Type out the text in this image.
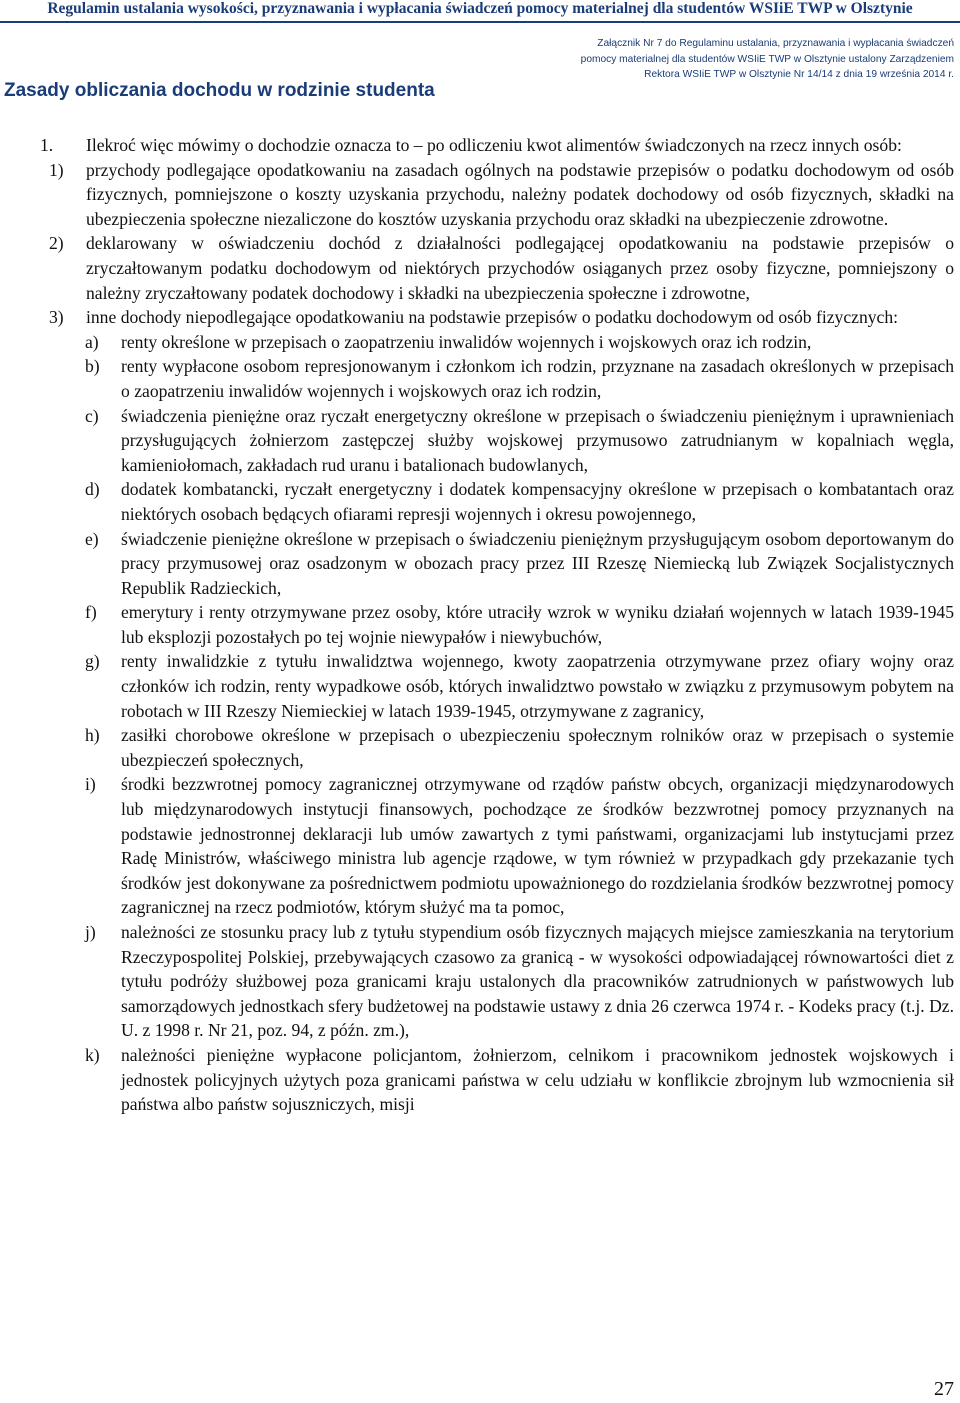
Regulamin ustalania wysokości, przyznawania i wypłacania świadczeń pomocy materialnej dla studentów WSIiE TWP w Olsztynie
Załącznik Nr 7 do Regulaminu ustalania, przyznawania i wypłacania świadczeń
pomocy materialnej dla studentów WSIiE TWP w Olsztynie ustalony Zarządzeniem
Rektora WSIiE TWP w Olsztynie Nr 14/14 z dnia 19 września 2014 r.
Zasady obliczania dochodu w rodzinie studenta
1. Ilekroć więc mówimy o dochodzie oznacza to – po odliczeniu kwot alimentów świadczonych na rzecz innych osób:
1) przychody podlegające opodatkowaniu na zasadach ogólnych na podstawie przepisów o podatku dochodowym od osób fizycznych, pomniejszone o koszty uzyskania przychodu, należny podatek dochodowy od osób fizycznych, składki na ubezpieczenia społeczne niezaliczone do kosztów uzyskania przychodu oraz składki na ubezpieczenie zdrowotne.
2) deklarowany w oświadczeniu dochód z działalności podlegającej opodatkowaniu na podstawie przepisów o zryczałtowanym podatku dochodowym od niektórych przychodów osiąganych przez osoby fizyczne, pomniejszony o należny zryczałtowany podatek dochodowy i składki na ubezpieczenia społeczne i zdrowotne,
3) inne dochody niepodlegające opodatkowaniu na podstawie przepisów o podatku dochodowym od osób fizycznych:
a) renty określone w przepisach o zaopatrzeniu inwalidów wojennych i wojskowych oraz ich rodzin,
b) renty wypłacone osobom represjonowanym i członkom ich rodzin, przyznane na zasadach określonych w przepisach o zaopatrzeniu inwalidów wojennych i wojskowych oraz ich rodzin,
c) świadczenia pieniężne oraz ryczałt energetyczny określone w przepisach o świadczeniu pieniężnym i uprawnieniach przysługujących żołnierzom zastępczej służby wojskowej przymusowo zatrudnianym w kopalniach węgla, kamieniołomach, zakładach rud uranu i batalionach budowlanych,
d) dodatek kombatancki, ryczałt energetyczny i dodatek kompensacyjny określone w przepisach o kombatantach oraz niektórych osobach będących ofiarami represji wojennych i okresu powojennego,
e) świadczenie pieniężne określone w przepisach o świadczeniu pieniężnym przysługującym osobom deportowanym do pracy przymusowej oraz osadzonym w obozach pracy przez III Rzeszę Niemiecką lub Związek Socjalistycznych Republik Radzieckich,
f) emerytury i renty otrzymywane przez osoby, które utraciły wzrok w wyniku działań wojennych w latach 1939-1945 lub eksplozji pozostałych po tej wojnie niewypałów i niewybuchów,
g) renty inwalidzkie z tytułu inwalidztwa wojennego, kwoty zaopatrzenia otrzymywane przez ofiary wojny oraz członków ich rodzin, renty wypadkowe osób, których inwalidztwo powstało w związku z przymusowym pobytem na robotach w III Rzeszy Niemieckiej w latach 1939-1945, otrzymywane z zagranicy,
h) zasiłki chorobowe określone w przepisach o ubezpieczeniu społecznym rolników oraz w przepisach o systemie ubezpieczeń społecznych,
i) środki bezzwrotnej pomocy zagranicznej otrzymywane od rządów państw obcych, organizacji międzynarodowych lub międzynarodowych instytucji finansowych, pochodzące ze środków bezzwrotnej pomocy przyznanych na podstawie jednostronnej deklaracji lub umów zawartych z tymi państwami, organizacjami lub instytucjami przez Radę Ministrów, właściwego ministra lub agencje rządowe, w tym również w przypadkach gdy przekazanie tych środków jest dokonywane za pośrednictwem podmiotu upoważnionego do rozdzielania środków bezzwrotnej pomocy zagranicznej na rzecz podmiotów, którym służyć ma ta pomoc,
j) należności ze stosunku pracy lub z tytułu stypendium osób fizycznych mających miejsce zamieszkania na terytorium Rzeczypospolitej Polskiej, przebywających czasowo za granicą - w wysokości odpowiadającej równowartości diet z tytułu podróży służbowej poza granicami kraju ustalonych dla pracowników zatrudnionych w państwowych lub samorządowych jednostkach sfery budżetowej na podstawie ustawy z dnia 26 czerwca 1974 r. - Kodeks pracy (t.j. Dz. U. z 1998 r. Nr 21, poz. 94, z późn. zm.),
k) należności pieniężne wypłacone policjantom, żołnierzom, celnikom i pracownikom jednostek wojskowych i jednostek policyjnych użytych poza granicami państwa w celu udziału w konflikcie zbrojnym lub wzmocnienia sił państwa albo państw sojuszniczych, misji
27
